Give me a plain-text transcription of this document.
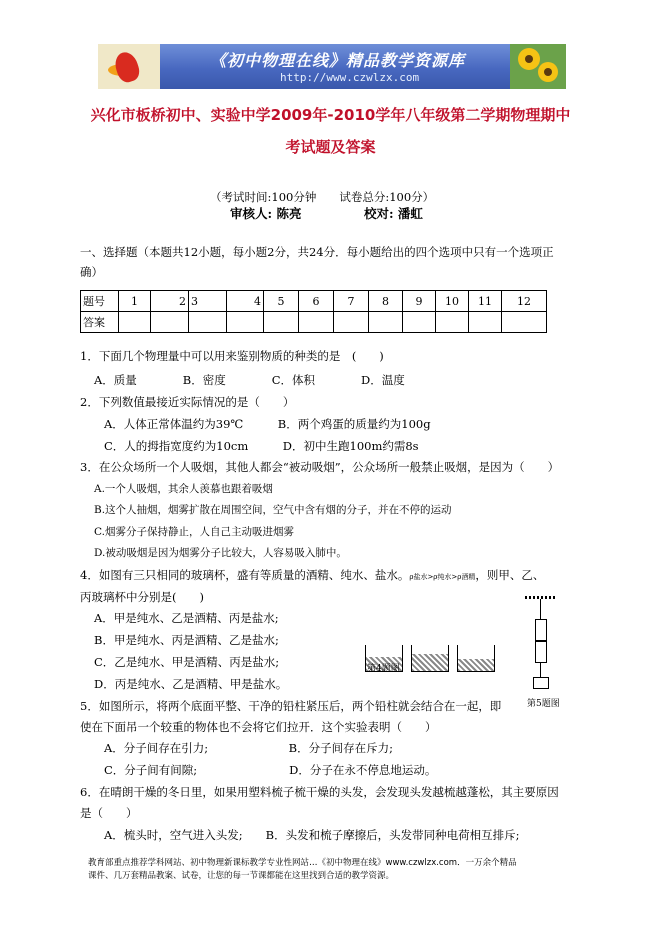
《初中物理在线》精品教学资源库
http://www.czwlzx.com
兴化市板桥初中、实验中学2009年-2010学年八年级第二学期物理期中
考试题及答案
（考试时间:100分钟　　试卷总分:100分）
审核人: 陈亮　　　　　校对: 潘虹
一、选择题（本题共12小题，每小题2分，共24分．每小题给出的四个选项中只有一个选项正
确）
题号	1	2	3	4	5	6	7	8	9	10	11	12
答案												
1．下面几个物理量中可以用来鉴别物质的种类的是　(　　)
A．质量　　　　B．密度　　　　C．体积　　　　D．温度
2．下列数值最接近实际情况的是（　　）
A．人体正常体温约为39℃　　　B．两个鸡蛋的质量约为100g
C．人的拇指宽度约为10cm　　　D．初中生跑100m约需8s
3．在公众场所一个人吸烟，其他人都会“被动吸烟”，公众场所一般禁止吸烟，是因为（　　）
A.一个人吸烟，其余人羡慕也跟着吸烟
B.这个人抽烟，烟雾扩散在周围空间，空气中含有烟的分子，并在不停的运动
C.烟雾分子保持静止，人自己主动吸进烟雾
D.被动吸烟是因为烟雾分子比较大，人容易吸入肺中。
4．如图有三只相同的玻璃杯，盛有等质量的酒精、纯水、盐水。ρ盐水>ρ纯水>ρ酒精，则甲、乙、
丙玻璃杯中分别是(　　)
A．甲是纯水、乙是酒精、丙是盐水;
B．甲是纯水、丙是酒精、乙是盐水;
C．乙是纯水、甲是酒精、丙是盐水;
D．丙是纯水、乙是酒精、甲是盐水。
第4题图
第5题图
5．如图所示，将两个底面平整、干净的铅柱紧压后，两个铅柱就会结合在一起，即
使在下面吊一个较重的物体也不会将它们拉开．这个实验表明（　　）
A．分子间存在引力;　　　　　　　B．分子间存在斥力;
C．分子间有间隙;　　　　　　　　D．分子在永不停息地运动。
6．在晴朗干燥的冬日里，如果用塑料梳子梳干燥的头发，会发现头发越梳越蓬松，其主要原因
是（　　）
A．梳头时，空气进入头发;　　B．头发和梳子摩擦后，头发带同种电荷相互排斥;
教育部重点推荐学科网站、初中物理新课标教学专业性网站…《初中物理在线》www.czwlzx.com．一万余个精品
课件、几万套精品教案、试卷，让您的每一节课都能在这里找到合适的教学资源。
